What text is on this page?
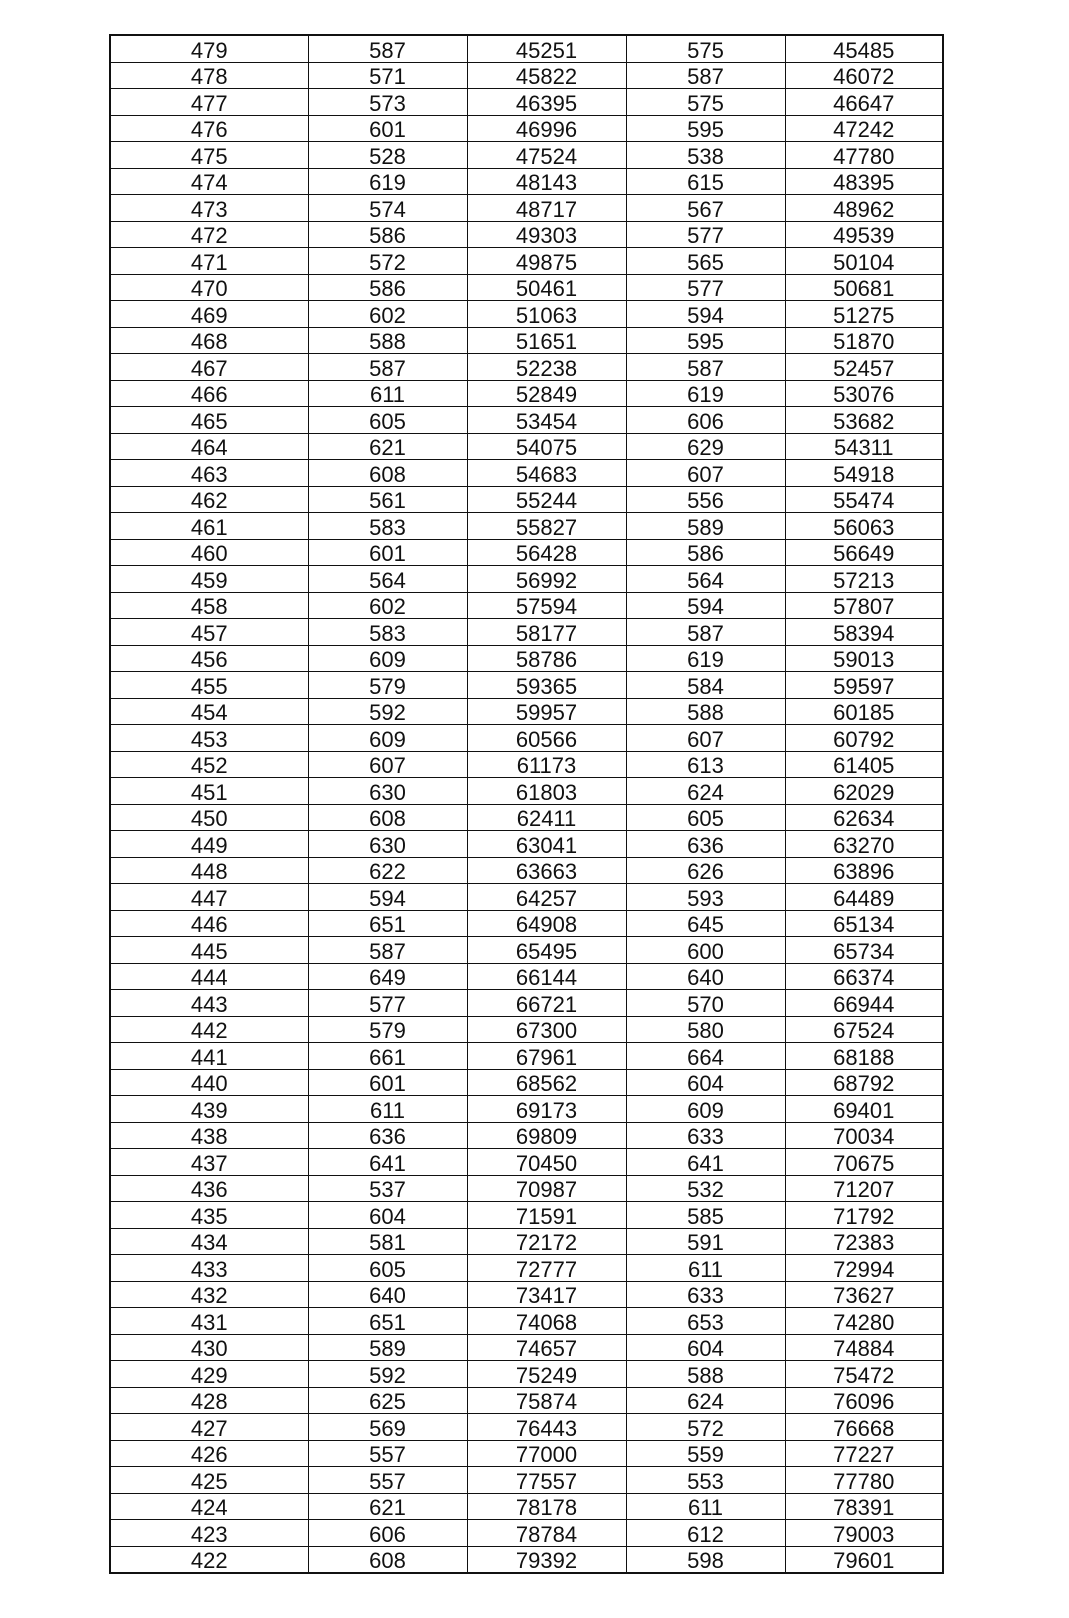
479	587	45251	575	45485
478	571	45822	587	46072
477	573	46395	575	46647
476	601	46996	595	47242
475	528	47524	538	47780
474	619	48143	615	48395
473	574	48717	567	48962
472	586	49303	577	49539
471	572	49875	565	50104
470	586	50461	577	50681
469	602	51063	594	51275
468	588	51651	595	51870
467	587	52238	587	52457
466	611	52849	619	53076
465	605	53454	606	53682
464	621	54075	629	54311
463	608	54683	607	54918
462	561	55244	556	55474
461	583	55827	589	56063
460	601	56428	586	56649
459	564	56992	564	57213
458	602	57594	594	57807
457	583	58177	587	58394
456	609	58786	619	59013
455	579	59365	584	59597
454	592	59957	588	60185
453	609	60566	607	60792
452	607	61173	613	61405
451	630	61803	624	62029
450	608	62411	605	62634
449	630	63041	636	63270
448	622	63663	626	63896
447	594	64257	593	64489
446	651	64908	645	65134
445	587	65495	600	65734
444	649	66144	640	66374
443	577	66721	570	66944
442	579	67300	580	67524
441	661	67961	664	68188
440	601	68562	604	68792
439	611	69173	609	69401
438	636	69809	633	70034
437	641	70450	641	70675
436	537	70987	532	71207
435	604	71591	585	71792
434	581	72172	591	72383
433	605	72777	611	72994
432	640	73417	633	73627
431	651	74068	653	74280
430	589	74657	604	74884
429	592	75249	588	75472
428	625	75874	624	76096
427	569	76443	572	76668
426	557	77000	559	77227
425	557	77557	553	77780
424	621	78178	611	78391
423	606	78784	612	79003
422	608	79392	598	79601
